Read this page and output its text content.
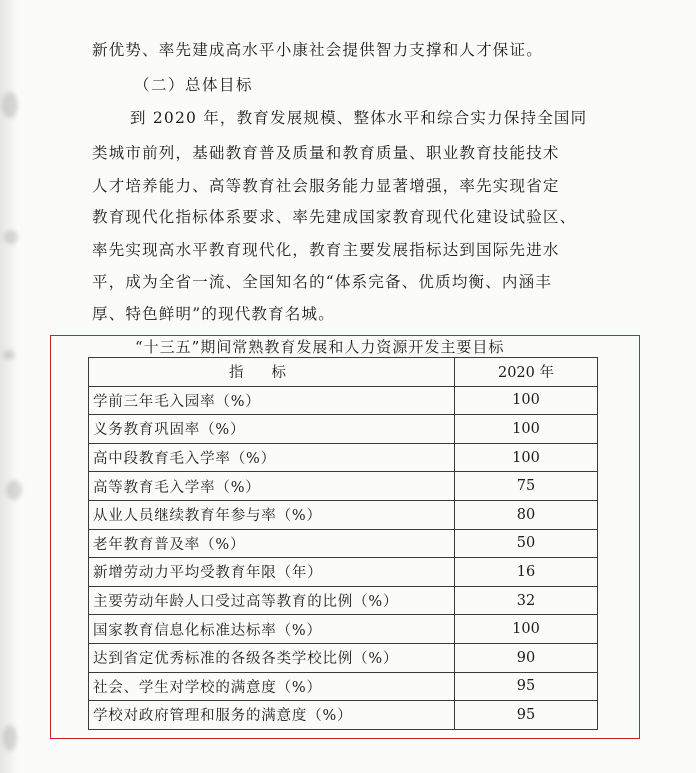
新优势、率先建成高水平小康社会提供智力支撑和人才保证。
（二）总体目标
到 2020 年，教育发展规模、整体水平和综合实力保持全国同
类城市前列，基础教育普及质量和教育质量、职业教育技能技术
人才培养能力、高等教育社会服务能力显著增强，率先实现省定
教育现代化指标体系要求、率先建成国家教育现代化建设试验区、
率先实现高水平教育现代化，教育主要发展指标达到国际先进水
平，成为全省一流、全国知名的“体系完备、优质均衡、内涵丰
厚、特色鲜明”的现代教育名城。
“十三五”期间常熟教育发展和人力资源开发主要目标
指标	2020 年
学前三年毛入园率（%）	100
义务教育巩固率（%）	100
高中段教育毛入学率（%）	100
高等教育毛入学率（%）	75
从业人员继续教育年参与率（%）	80
老年教育普及率（%）	50
新增劳动力平均受教育年限（年）	16
主要劳动年龄人口受过高等教育的比例（%）	32
国家教育信息化标准达标率（%）	100
达到省定优秀标准的各级各类学校比例（%）	90
社会、学生对学校的满意度（%）	95
学校对政府管理和服务的满意度（%）	95
